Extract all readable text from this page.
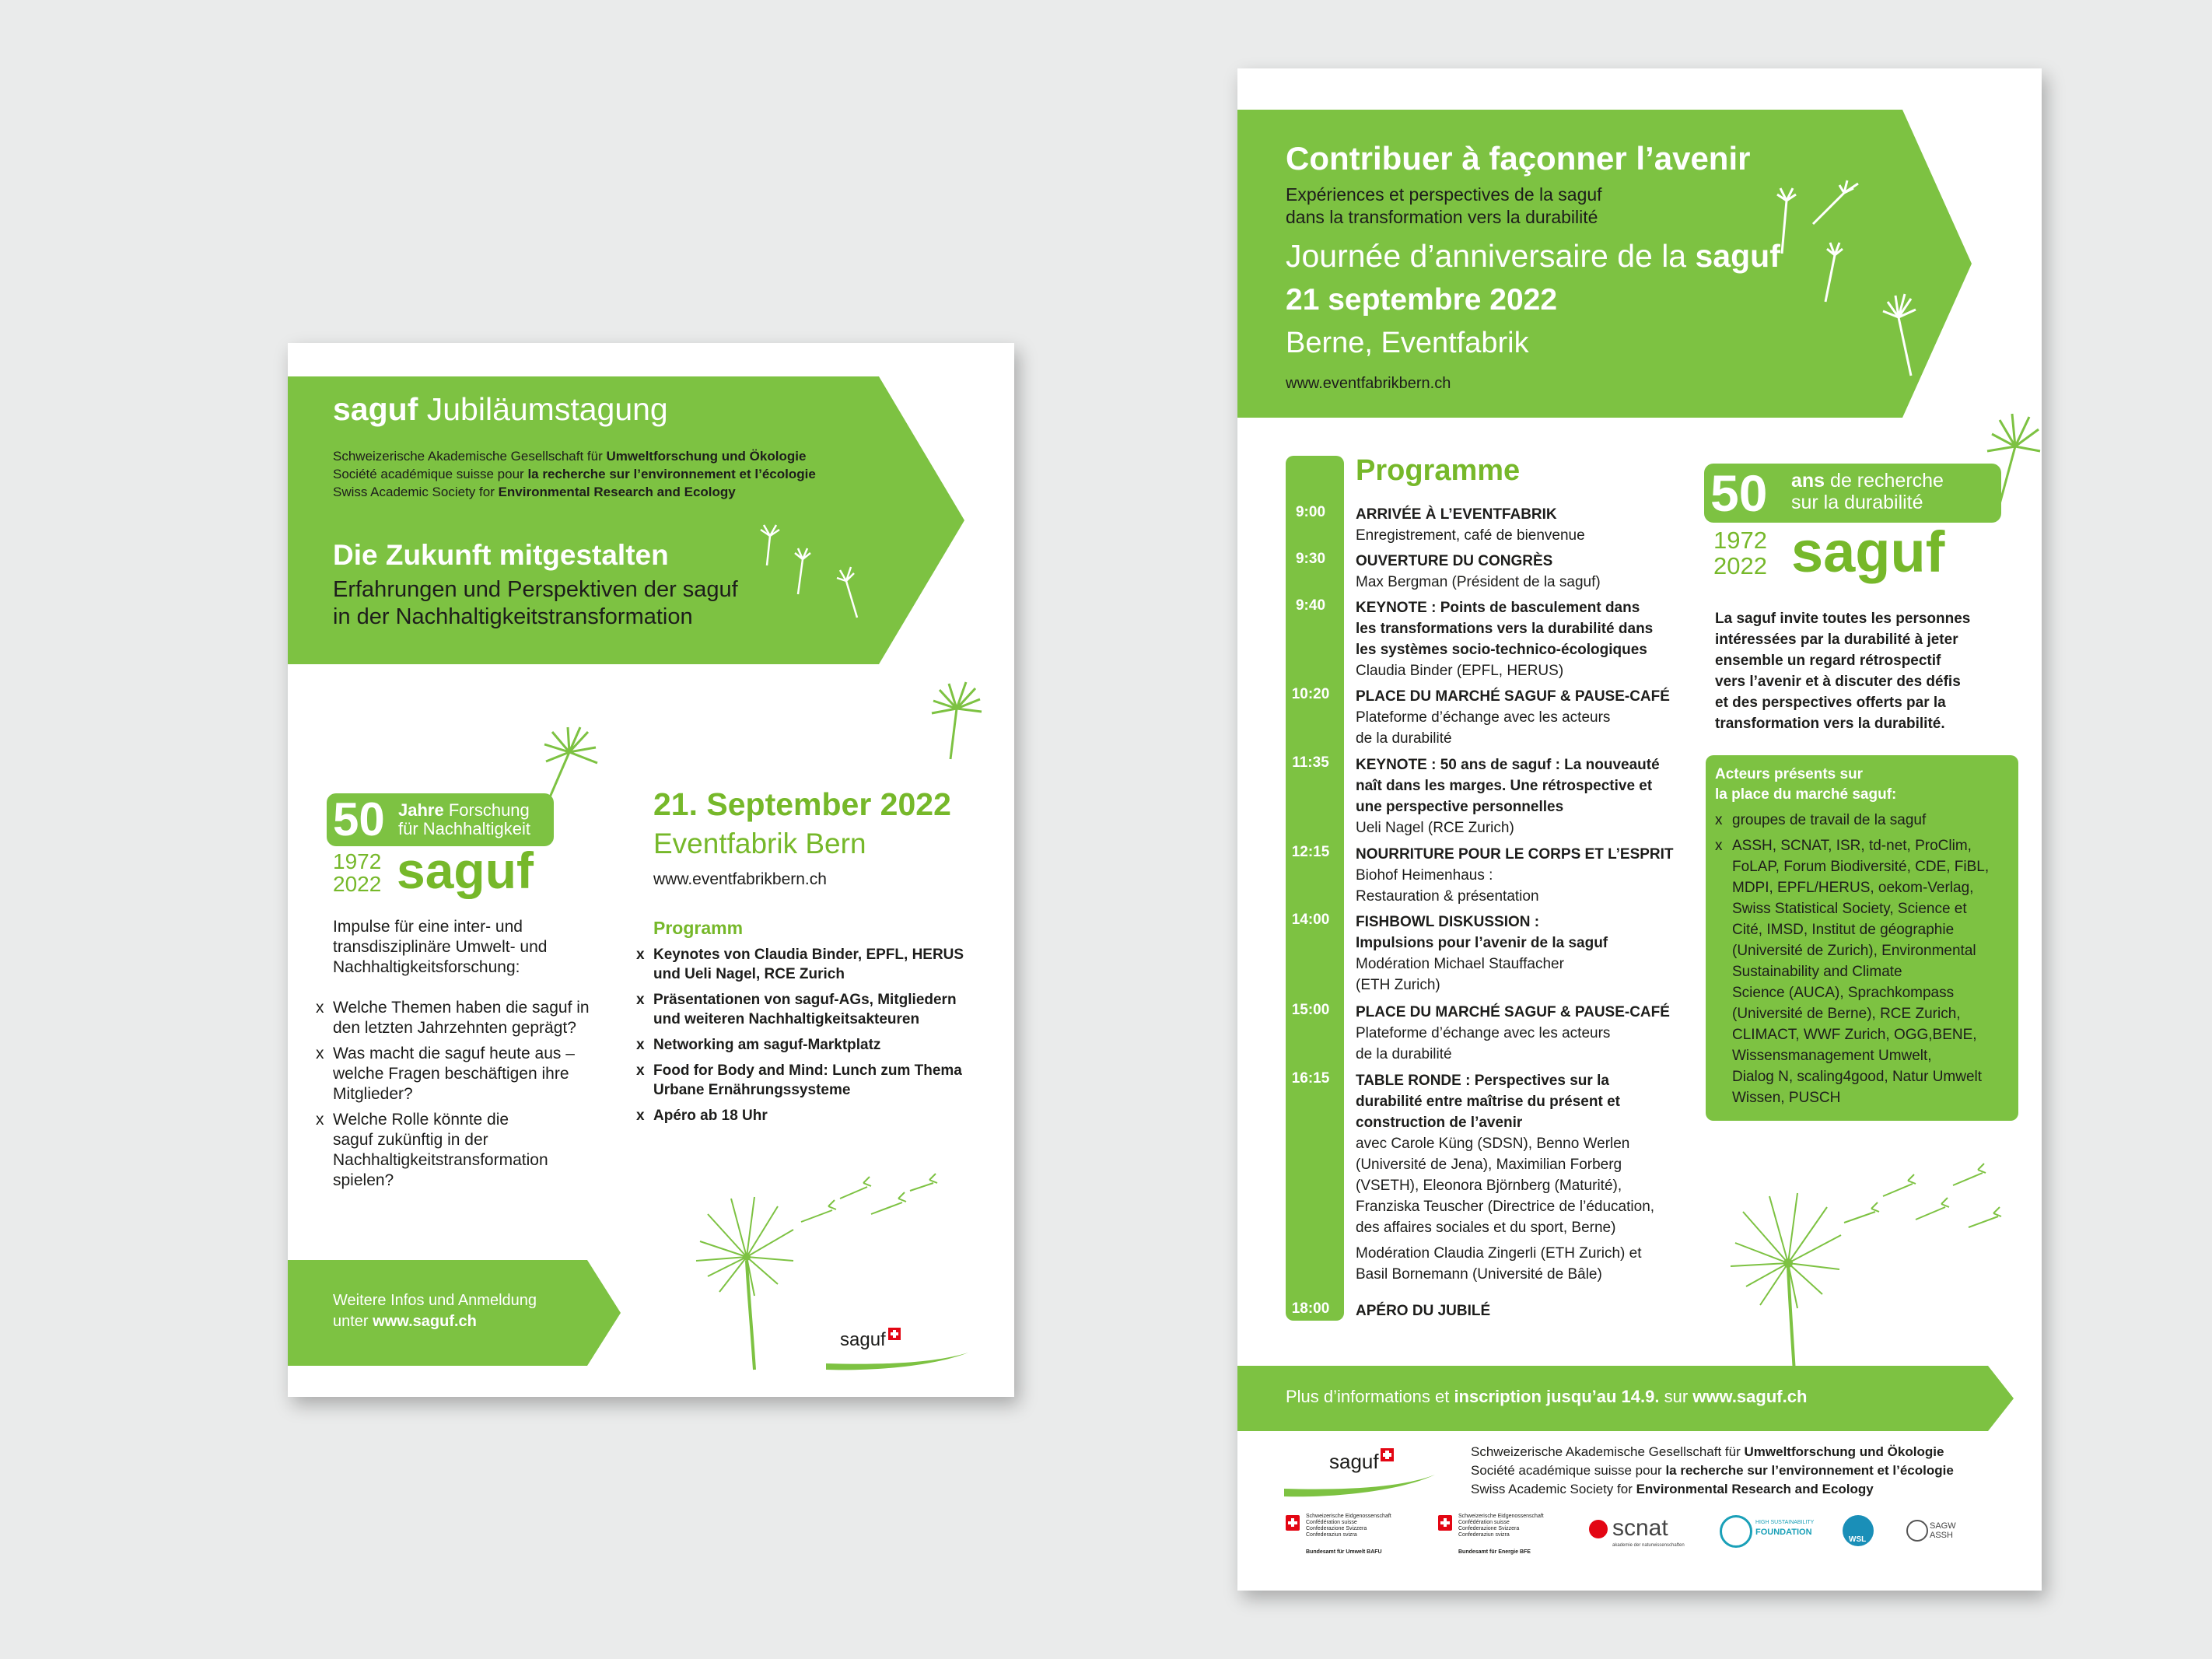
saguf Jubiläumstagung
Schweizerische Akademische Gesellschaft für Umweltforschung und Ökologie
Société académique suisse pour la recherche sur l’environnement et l’écologie
Swiss Academic Society for Environmental Research and Ecology
Die Zukunft mitgestalten
Erfahrungen und Perspektiven der saguf
in der Nachhaltigkeitstransformation
50 Jahre Forschung
für Nachhaltigkeit
1972
2022 saguf
Impulse für eine inter- und
transdisziplinäre Umwelt- und
Nachhaltigkeitsforschung:
x Welche Themen haben die saguf in
den letzten Jahrzehnten geprägt?
x Was macht die saguf heute aus –
welche Fragen beschäftigen ihre
Mitglieder?
x Welche Rolle könnte die
saguf zukünftig in der
Nachhaltigkeitstransformation
spielen?
21. September 2022
Eventfabrik Bern
www.eventfabrikbern.ch
Programm
x Keynotes von Claudia Binder, EPFL, HERUS
und Ueli Nagel, RCE Zurich
x Präsentationen von saguf-AGs, Mitgliedern
und weiteren Nachhaltigkeitsakteuren
x Networking am saguf-Marktplatz
x Food for Body and Mind: Lunch zum Thema
Urbane Ernährungssysteme
x Apéro ab 18 Uhr
Weitere Infos und Anmeldung
unter www.saguf.ch
saguf
Contribuer à façonner l’avenir
Expériences et perspectives de la saguf
dans la transformation vers la durabilité
Journée d’anniversaire de la saguf
21 septembre 2022
Berne, Eventfabrik
www.eventfabrikbern.ch
Programme
9:00	ARRIVÉE À L’EVENTFABRIK
Enregistrement, café de bienvenue
9:30	OUVERTURE DU CONGRÈS
Max Bergman (Président de la saguf)
9:40	KEYNOTE : Points de basculement dans
les transformations vers la durabilité dans
les systèmes socio-technico-écologiques
Claudia Binder (EPFL, HERUS)
10:20	PLACE DU MARCHÉ SAGUF & PAUSE-CAFÉ
Plateforme d’échange avec les acteurs
de la durabilité
11:35	KEYNOTE : 50 ans de saguf : La nouveauté
naît dans les marges. Une rétrospective et
une perspective personnelles
Ueli Nagel (RCE Zurich)
12:15	NOURRITURE POUR LE CORPS ET L’ESPRIT
Biohof Heimenhaus :
Restauration & présentation
14:00	FISHBOWL DISKUSSION :
Impulsions pour l’avenir de la saguf
Modération Michael Stauffacher
(ETH Zurich)
15:00	PLACE DU MARCHÉ SAGUF & PAUSE-CAFÉ
Plateforme d’échange avec les acteurs
de la durabilité
16:15	TABLE RONDE : Perspectives sur la
durabilité entre maîtrise du présent et
construction de l’avenir
avec Carole Küng (SDSN), Benno Werlen
(Université de Jena), Maximilian Forberg
(VSETH), Eleonora Björnberg (Maturité),
Franziska Teuscher (Directrice de l’éducation,
des affaires sociales et du sport, Berne)
Modération Claudia Zingerli (ETH Zurich) et
Basil Bornemann (Université de Bâle)
18:00	APÉRO DU JUBILÉ
50 ans de recherche
sur la durabilité
1972
2022 saguf
La saguf invite toutes les personnes
intéressées par la durabilité à jeter
ensemble un regard rétrospectif
vers l’avenir et à discuter des défis
et des perspectives offerts par la
transformation vers la durabilité.
Acteurs présents sur
la place du marché saguf:
x groupes de travail de la saguf
x ASSH, SCNAT, ISR, td-net, ProClim,
FoLAP, Forum Biodiversité, CDE, FiBL,
MDPI, EPFL/HERUS, oekom-Verlag,
Swiss Statistical Society, Science et
Cité, IMSD, Institut de géographie
(Université de Zurich), Environmental
Sustainability and Climate
Science (AUCA), Sprachkompass
(Université de Berne), RCE Zurich,
CLIMACT, WWF Zurich, OGG,BENE,
Wissensmanagement Umwelt,
Dialog N, scaling4good, Natur Umwelt
Wissen, PUSCH
Plus d’informations et inscription jusqu’au 14.9. sur www.saguf.ch
saguf	Schweizerische Akademische Gesellschaft für Umweltforschung und Ökologie
Société académique suisse pour la recherche sur l’environnement et l’écologie
Swiss Academic Society for Environmental Research and Ecology
Schweizerische Eidgenossenschaft
Confédération suisse
Confederazione Svizzera
Confederaziun svizra
Bundesamt für Umwelt BAFU
Schweizerische Eidgenossenschaft
Confédération suisse
Confederazione Svizzera
Confederaziun svizra
Bundesamt für Energie BFE
scnat
akademie der naturwissenschaften
HIGH SUSTAINABILITY
FOUNDATION
WSL
SAGW
ASSH
